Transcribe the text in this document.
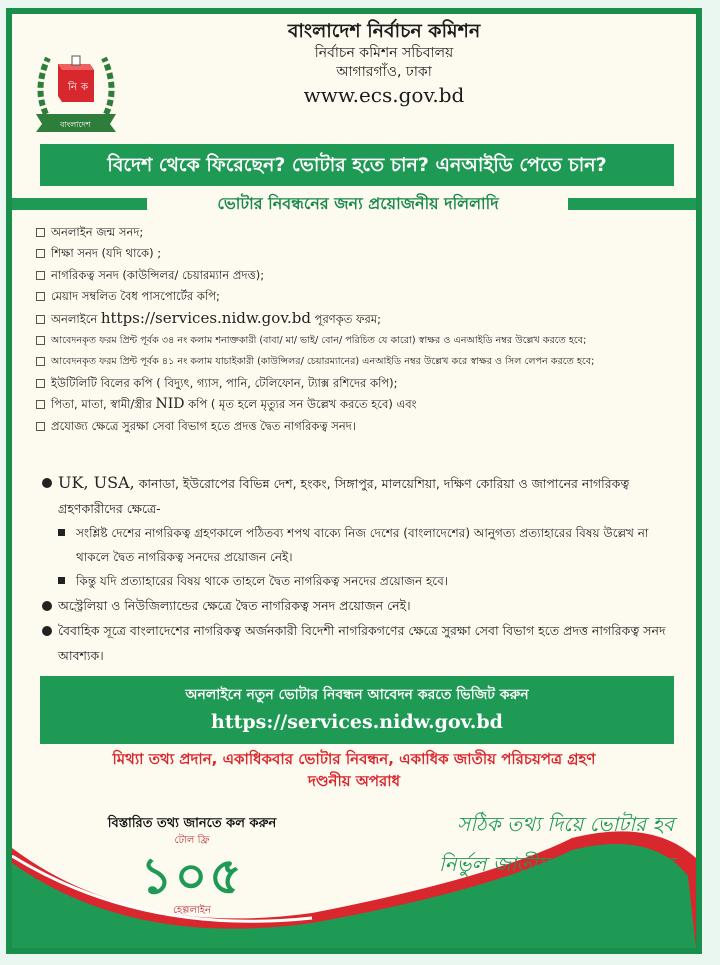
নি ক
বাংলাদেশ
বাংলাদেশ নির্বাচন কমিশন
নির্বাচন কমিশন সচিবালয়
আগারগাঁও, ঢাকা
www.ecs.gov.bd
বিদেশ থেকে ফিরেছেন? ভোটার হতে চান? এনআইডি পেতে চান?
ভোটার নিবন্ধনের জন্য প্রয়োজনীয় দলিলাদি
অনলাইন জন্ম সনদ;
শিক্ষা সনদ (যদি থাকে) ;
নাগরিকত্ব সনদ (কাউন্সিলর/ চেয়ারম্যান প্রদত্ত);
মেয়াদ সম্বলিত বৈধ পাসপোর্টের কপি;
অনলাইনে https://services.nidw.gov.bd পূরণকৃত ফরম;
আবেদনকৃত ফরম প্রিন্ট পূর্বক ৩৪ নং কলাম শনাক্তকারী (বাবা/ মা/ ভাই/ বোন/ পরিচিত যে কারো) স্বাক্ষর ও এনআইডি নম্বর উল্লেখ করতে হবে;
আবেদনকৃত ফরম প্রিন্ট পূর্বক ৪১ নং কলাম যাচাইকারী (কাউন্সিলর/ চেয়ারম্যানের) এনআইডি নম্বর উল্লেখ করে স্বাক্ষর ও সিল লেপন করতে হবে;
ইউটিলিটি বিলের কপি ( বিদ্যুৎ, গ্যাস, পানি, টেলিফোন, ট্যাক্স রশিদের কপি);
পিতা, মাতা, স্বামী/স্ত্রীর NID কপি ( মৃত হলে মৃত্যুর সন উল্লেখ করতে হবে) এবং
প্রযোজ্য ক্ষেত্রে সুরক্ষা সেবা বিভাগ হতে প্রদত্ত দ্বৈত নাগরিকত্ব সনদ।
UK, USA, কানাডা, ইউরোপের বিভিন্ন দেশ, হংকং, সিঙ্গাপুর, মালয়েশিয়া, দক্ষিণ কোরিয়া ও জাপানের নাগরিকত্ব গ্রহণকারীদের ক্ষেত্রে-
সংশ্লিষ্ট দেশের নাগরিকত্ব গ্রহণকালে পঠিতব্য শপথ বাক্যে নিজ দেশের (বাংলাদেশের) আনুগত্য প্রত্যাহারের বিষয় উল্লেখ না থাকলে দ্বৈত নাগরিকত্ব সনদের প্রয়োজন নেই।
কিন্তু যদি প্রত্যাহারের বিষয় থাকে তাহলে দ্বৈত নাগরিকত্ব সনদের প্রয়োজন হবে।
অস্ট্রেলিয়া ও নিউজিল্যান্ডের ক্ষেত্রে দ্বৈত নাগরিকত্ব সনদ প্রয়োজন নেই।
বৈবাহিক সূত্রে বাংলাদেশের নাগরিকত্ব অর্জনকারী বিদেশী নাগরিকগণের ক্ষেত্রে সুরক্ষা সেবা বিভাগ হতে প্রদত্ত নাগরিকত্ব সনদ আবশ্যক।
অনলাইনে নতুন ভোটার নিবন্ধন আবেদন করতে ভিজিট করুন
https://services.nidw.gov.bd
মিথ্যা তথ্য প্রদান, একাধিকবার ভোটার নিবন্ধন, একাধিক জাতীয় পরিচয়পত্র গ্রহণ
দণ্ডনীয় অপরাধ
বিস্তারিত তথ্য জানতে কল করুন
টোল ফ্রি
১০৫
হেল্পলাইন
সঠিক তথ্য দিয়ে ভোটার হব
নির্ভুল জাতীয় পরিচয়পত্র নেব
